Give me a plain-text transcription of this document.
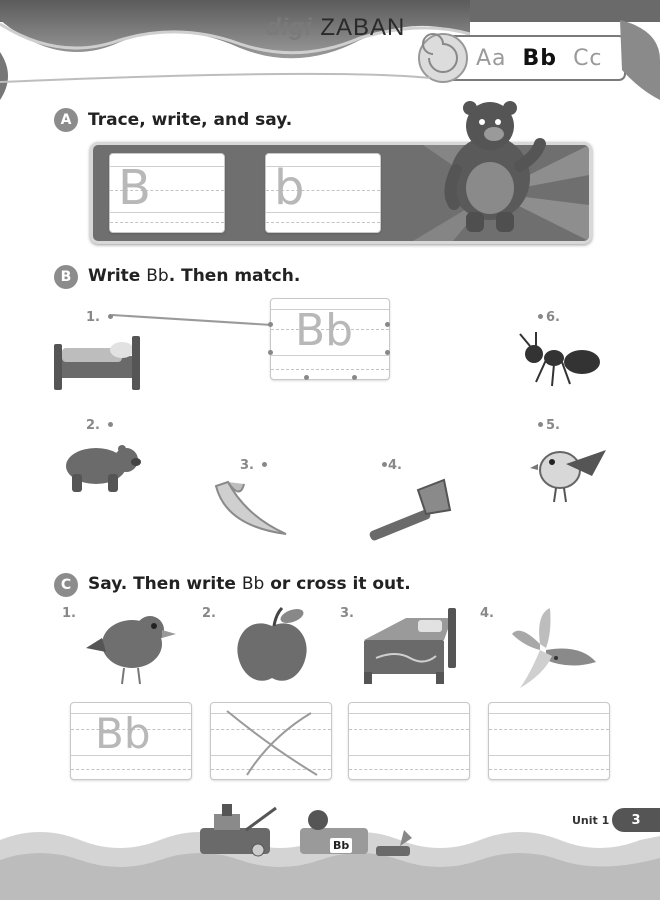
digi ZABAN
Aa Bb Cc
A Trace, write, and say.
B	b
B Write Bb. Then match.
Bb
1.
2.
3.	4.
5.
6.
C Say. Then write Bb or cross it out.
1.	2.	3.	4.
Bb
Bb
Unit 1 3
